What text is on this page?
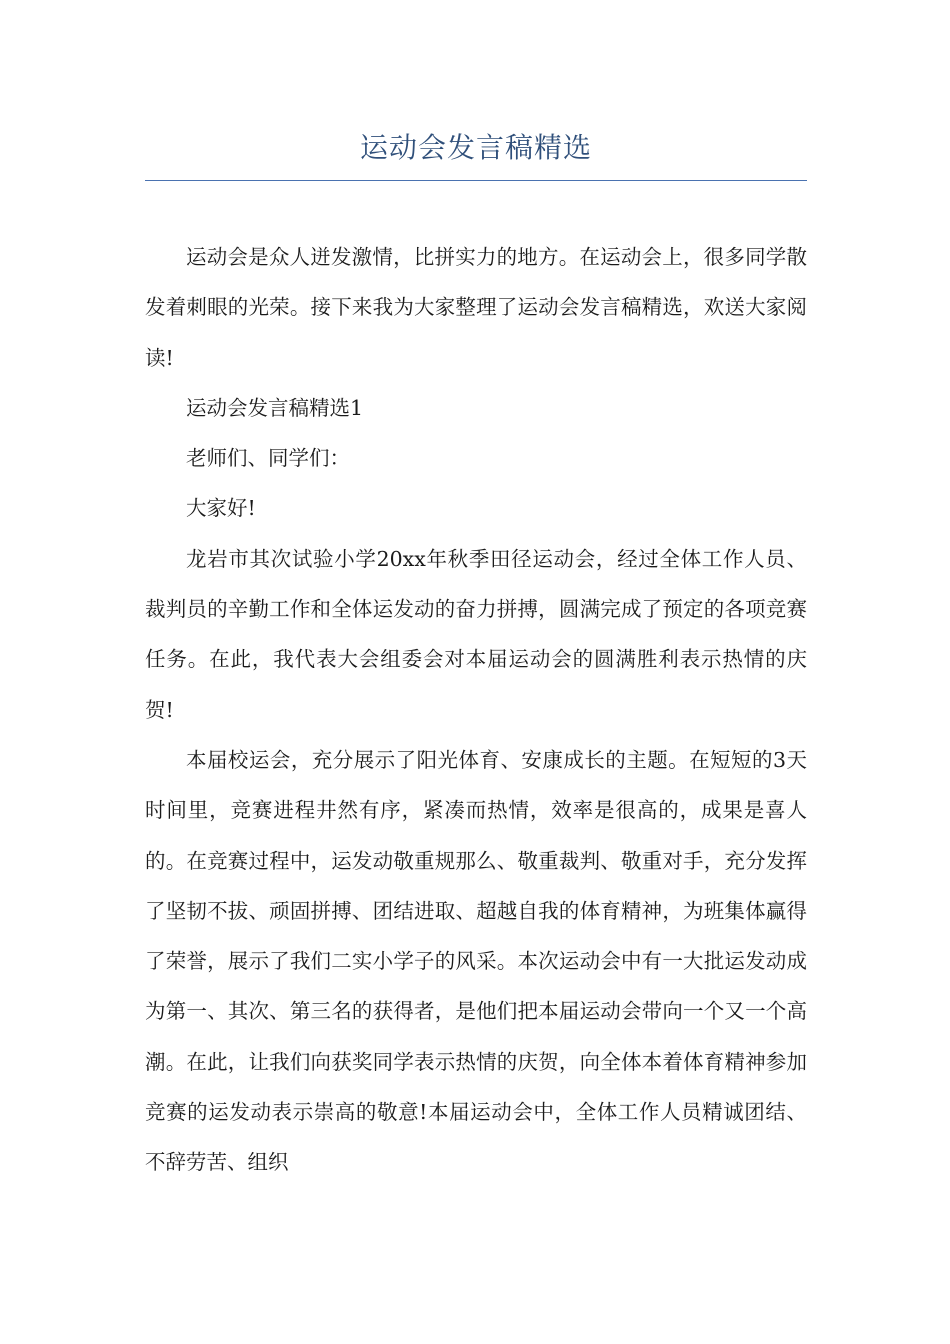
运动会发言稿精选

运动会是众人迸发激情，比拼实力的地方。在运动会上，很多同学散发着刺眼的光荣。接下来我为大家整理了运动会发言稿精选，欢送大家阅读!

运动会发言稿精选1

老师们、同学们：

大家好!

龙岩市其次试验小学20xx年秋季田径运动会，经过全体工作人员、裁判员的辛勤工作和全体运发动的奋力拼搏，圆满完成了预定的各项竞赛任务。在此，我代表大会组委会对本届运动会的圆满胜利表示热情的庆贺!

本届校运会，充分展示了阳光体育、安康成长的主题。在短短的3天时间里，竞赛进程井然有序，紧凑而热情，效率是很高的，成果是喜人的。在竞赛过程中，运发动敬重规那么、敬重裁判、敬重对手，充分发挥了坚韧不拔、顽固拼搏、团结进取、超越自我的体育精神，为班集体赢得了荣誉，展示了我们二实小学子的风采。本次运动会中有一大批运发动成为第一、其次、第三名的获得者，是他们把本届运动会带向一个又一个高潮。在此，让我们向获奖同学表示热情的庆贺，向全体本着体育精神参加竞赛的运发动表示崇高的敬意!本届运动会中，全体工作人员精诚团结、不辞劳苦、组织
